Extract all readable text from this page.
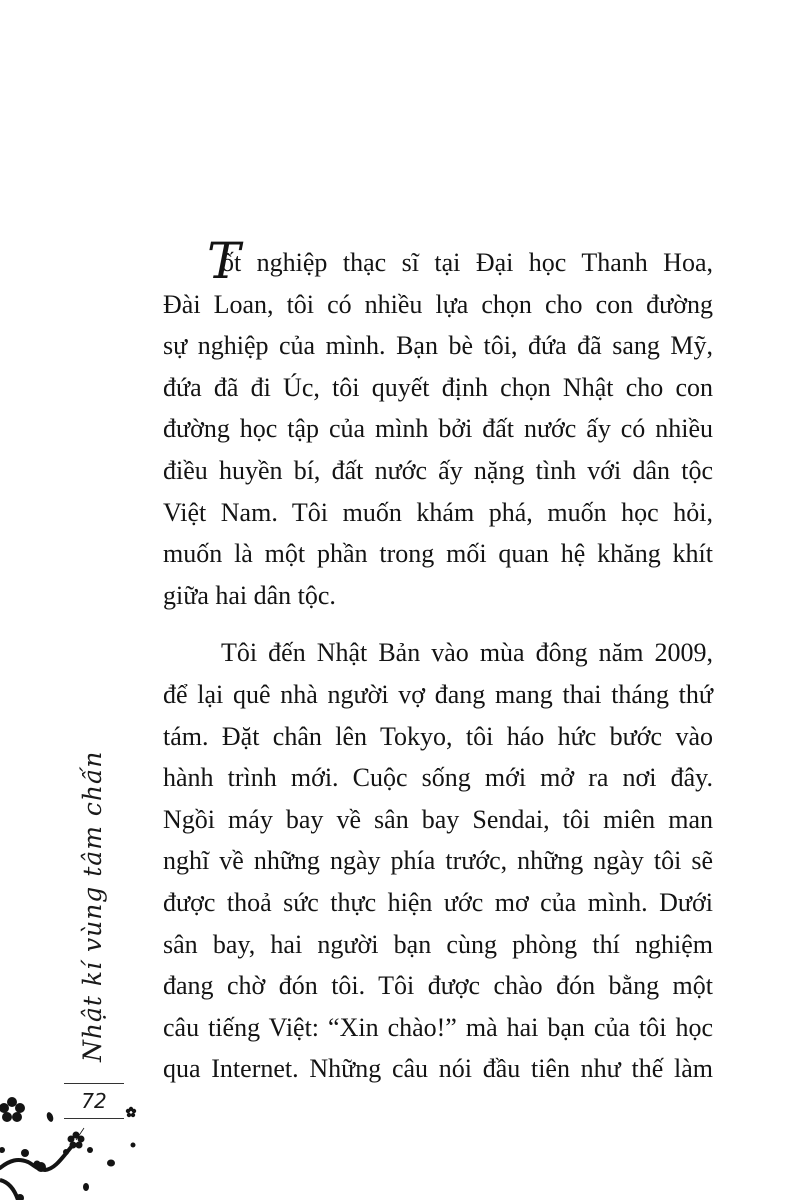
T
ốt nghiệp thạc sĩ tại Đại học Thanh Hoa,
Đài Loan, tôi có nhiều lựa chọn cho con đường
sự nghiệp của mình. Bạn bè tôi, đứa đã sang Mỹ,
đứa đã đi Úc, tôi quyết định chọn Nhật cho con
đường học tập của mình bởi đất nước ấy có nhiều
điều huyền bí, đất nước ấy nặng tình với dân tộc
Việt Nam. Tôi muốn khám phá, muốn học hỏi,
muốn là một phần trong mối quan hệ khăng khít
giữa hai dân tộc.

Tôi đến Nhật Bản vào mùa đông năm 2009,
để lại quê nhà người vợ đang mang thai tháng thứ
tám. Đặt chân lên Tokyo, tôi háo hức bước vào
hành trình mới. Cuộc sống mới mở ra nơi đây.
Ngồi máy bay về sân bay Sendai, tôi miên man
nghĩ về những ngày phía trước, những ngày tôi sẽ
được thoả sức thực hiện ước mơ của mình. Dưới
sân bay, hai người bạn cùng phòng thí nghiệm
đang chờ đón tôi. Tôi được chào đón bằng một
câu tiếng Việt: “Xin chào!” mà hai bạn của tôi học
qua Internet. Những câu nói đầu tiên như thế làm

Nhật kí vùng tâm chấn
72
